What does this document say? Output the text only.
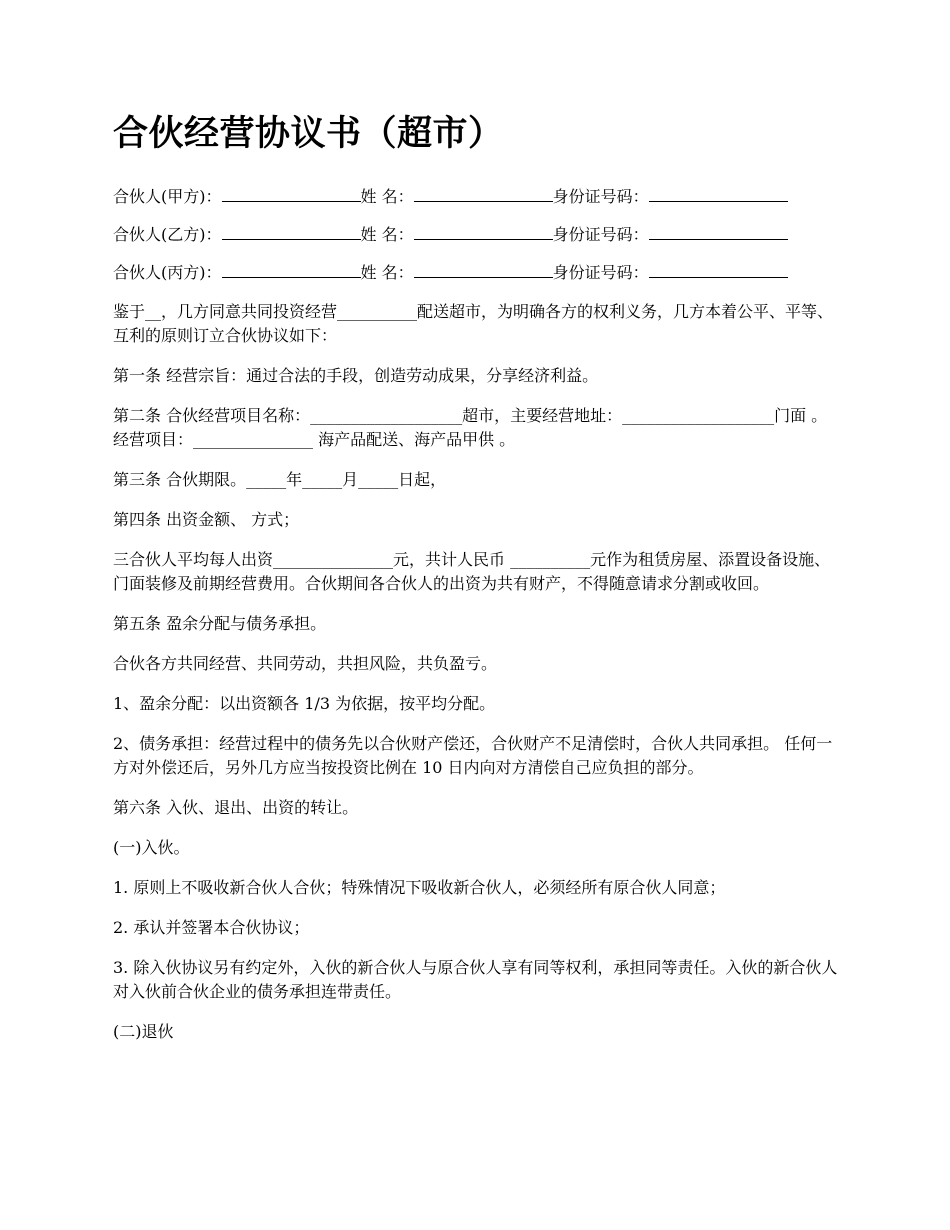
合伙经营协议书（超市）
合伙人(甲方)：	姓 名：	身份证号码：
合伙人(乙方)：	姓 名：	身份证号码：
合伙人(丙方)：	姓 名：	身份证号码：

鉴于__，几方同意共同投资经营__________配送超市，为明确各方的权利义务，几方本着公平、平等、互利的原则订立合伙协议如下：

第一条 经营宗旨：通过合法的手段，创造劳动成果，分享经济利益。

第二条 合伙经营项目名称：___________________超市，主要经营地址：___________________门面 。经营项目：_______________ 海产品配送、海产品甲供 。

第三条 合伙期限。_____年_____月_____日起，

第四条 出资金额、 方式；

三合伙人平均每人出资_______________元，共计人民币 __________元作为租赁房屋、添置设备设施、门面装修及前期经营费用。合伙期间各合伙人的出资为共有财产，不得随意请求分割或收回。

第五条 盈余分配与债务承担。

合伙各方共同经营、共同劳动，共担风险，共负盈亏。

1、盈余分配：以出资额各 1/3 为依据，按平均分配。

2、债务承担：经营过程中的债务先以合伙财产偿还，合伙财产不足清偿时，合伙人共同承担。 任何一方对外偿还后，另外几方应当按投资比例在 10 日内向对方清偿自己应负担的部分。

第六条 入伙、退出、出资的转让。

(一)入伙。

1. 原则上不吸收新合伙人合伙；特殊情况下吸收新合伙人，必须经所有原合伙人同意；

2. 承认并签署本合伙协议；

3. 除入伙协议另有约定外，入伙的新合伙人与原合伙人享有同等权利，承担同等责任。入伙的新合伙人对入伙前合伙企业的债务承担连带责任。

(二)退伙
